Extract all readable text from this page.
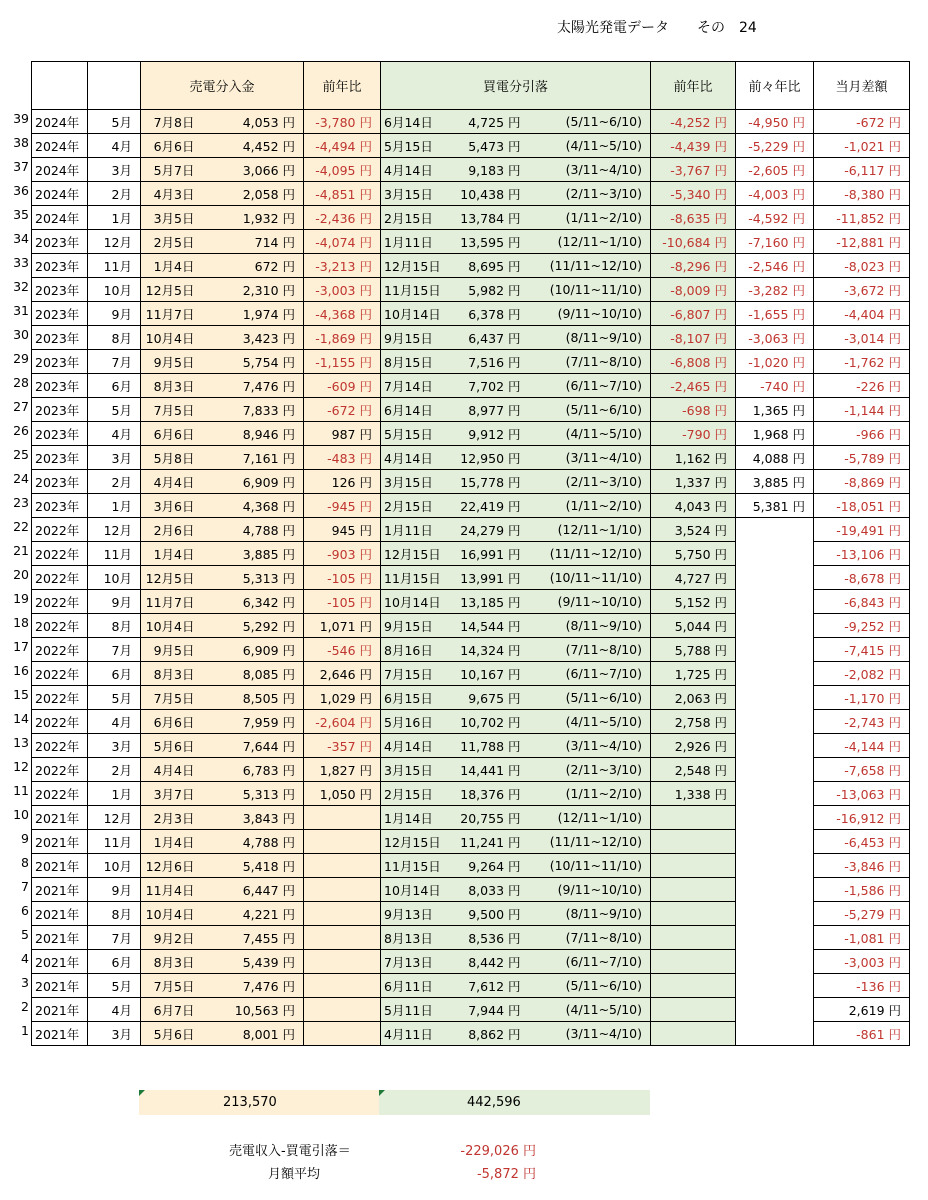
太陽光発電データ　　その　24
39
38
37
36
35
34
33
32
31
30
29
28
27
26
25
24
23
22
21
20
19
18
17
16
15
14
13
12
11
10
9
8
7
6
5
4
3
2
1
		売電分入金		前年比	買電分引落			前年比	前々年比	当月差額
2024年	5月	7月8日	4,053 円	-3,780 円	6月14日	4,725 円	(5/11~6/10)	-4,252 円	-4,950 円	-672 円
2024年	4月	6月6日	4,452 円	-4,494 円	5月15日	5,473 円	(4/11~5/10)	-4,439 円	-5,229 円	-1,021 円
2024年	3月	5月7日	3,066 円	-4,095 円	4月14日	9,183 円	(3/11~4/10)	-3,767 円	-2,605 円	-6,117 円
2024年	2月	4月3日	2,058 円	-4,851 円	3月15日	10,438 円	(2/11~3/10)	-5,340 円	-4,003 円	-8,380 円
2024年	1月	3月5日	1,932 円	-2,436 円	2月15日	13,784 円	(1/11~2/10)	-8,635 円	-4,592 円	-11,852 円
2023年	12月	2月5日	714 円	-4,074 円	1月11日	13,595 円	(12/11~1/10)	-10,684 円	-7,160 円	-12,881 円
2023年	11月	1月4日	672 円	-3,213 円	12月15日	8,695 円	(11/11~12/10)	-8,296 円	-2,546 円	-8,023 円
2023年	10月	12月5日	2,310 円	-3,003 円	11月15日	5,982 円	(10/11~11/10)	-8,009 円	-3,282 円	-3,672 円
2023年	9月	11月7日	1,974 円	-4,368 円	10月14日	6,378 円	(9/11~10/10)	-6,807 円	-1,655 円	-4,404 円
2023年	8月	10月4日	3,423 円	-1,869 円	9月15日	6,437 円	(8/11~9/10)	-8,107 円	-3,063 円	-3,014 円
2023年	7月	9月5日	5,754 円	-1,155 円	8月15日	7,516 円	(7/11~8/10)	-6,808 円	-1,020 円	-1,762 円
2023年	6月	8月3日	7,476 円	-609 円	7月14日	7,702 円	(6/11~7/10)	-2,465 円	-740 円	-226 円
2023年	5月	7月5日	7,833 円	-672 円	6月14日	8,977 円	(5/11~6/10)	-698 円	1,365 円	-1,144 円
2023年	4月	6月6日	8,946 円	987 円	5月15日	9,912 円	(4/11~5/10)	-790 円	1,968 円	-966 円
2023年	3月	5月8日	7,161 円	-483 円	4月14日	12,950 円	(3/11~4/10)	1,162 円	4,088 円	-5,789 円
2023年	2月	4月4日	6,909 円	126 円	3月15日	15,778 円	(2/11~3/10)	1,337 円	3,885 円	-8,869 円
2023年	1月	3月6日	4,368 円	-945 円	2月15日	22,419 円	(1/11~2/10)	4,043 円	5,381 円	-18,051 円
2022年	12月	2月6日	4,788 円	945 円	1月11日	24,279 円	(12/11~1/10)	3,524 円		-19,491 円
2022年	11月	1月4日	3,885 円	-903 円	12月15日	16,991 円	(11/11~12/10)	5,750 円		-13,106 円
2022年	10月	12月5日	5,313 円	-105 円	11月15日	13,991 円	(10/11~11/10)	4,727 円		-8,678 円
2022年	9月	11月7日	6,342 円	-105 円	10月14日	13,185 円	(9/11~10/10)	5,152 円		-6,843 円
2022年	8月	10月4日	5,292 円	1,071 円	9月15日	14,544 円	(8/11~9/10)	5,044 円		-9,252 円
2022年	7月	9月5日	6,909 円	-546 円	8月16日	14,324 円	(7/11~8/10)	5,788 円		-7,415 円
2022年	6月	8月3日	8,085 円	2,646 円	7月15日	10,167 円	(6/11~7/10)	1,725 円		-2,082 円
2022年	5月	7月5日	8,505 円	1,029 円	6月15日	9,675 円	(5/11~6/10)	2,063 円		-1,170 円
2022年	4月	6月6日	7,959 円	-2,604 円	5月16日	10,702 円	(4/11~5/10)	2,758 円		-2,743 円
2022年	3月	5月6日	7,644 円	-357 円	4月14日	11,788 円	(3/11~4/10)	2,926 円		-4,144 円
2022年	2月	4月4日	6,783 円	1,827 円	3月15日	14,441 円	(2/11~3/10)	2,548 円		-7,658 円
2022年	1月	3月7日	5,313 円	1,050 円	2月15日	18,376 円	(1/11~2/10)	1,338 円		-13,063 円
2021年	12月	2月3日	3,843 円		1月14日	20,755 円	(12/11~1/10)			-16,912 円
2021年	11月	1月4日	4,788 円		12月15日	11,241 円	(11/11~12/10)			-6,453 円
2021年	10月	12月6日	5,418 円		11月15日	9,264 円	(10/11~11/10)			-3,846 円
2021年	9月	11月4日	6,447 円		10月14日	8,033 円	(9/11~10/10)			-1,586 円
2021年	8月	10月4日	4,221 円		9月13日	9,500 円	(8/11~9/10)			-5,279 円
2021年	7月	9月2日	7,455 円		8月13日	8,536 円	(7/11~8/10)			-1,081 円
2021年	6月	8月3日	5,439 円		7月13日	8,442 円	(6/11~7/10)			-3,003 円
2021年	5月	7月5日	7,476 円		6月11日	7,612 円	(5/11~6/10)			-136 円
2021年	4月	6月7日	10,563 円		5月11日	7,944 円	(4/11~5/10)			2,619 円
2021年	3月	5月6日	8,001 円		4月11日	8,862 円	(3/11~4/10)			-861 円
213,570	442,596
売電収入-買電引落＝	-229,026 円
月額平均	-5,872 円
